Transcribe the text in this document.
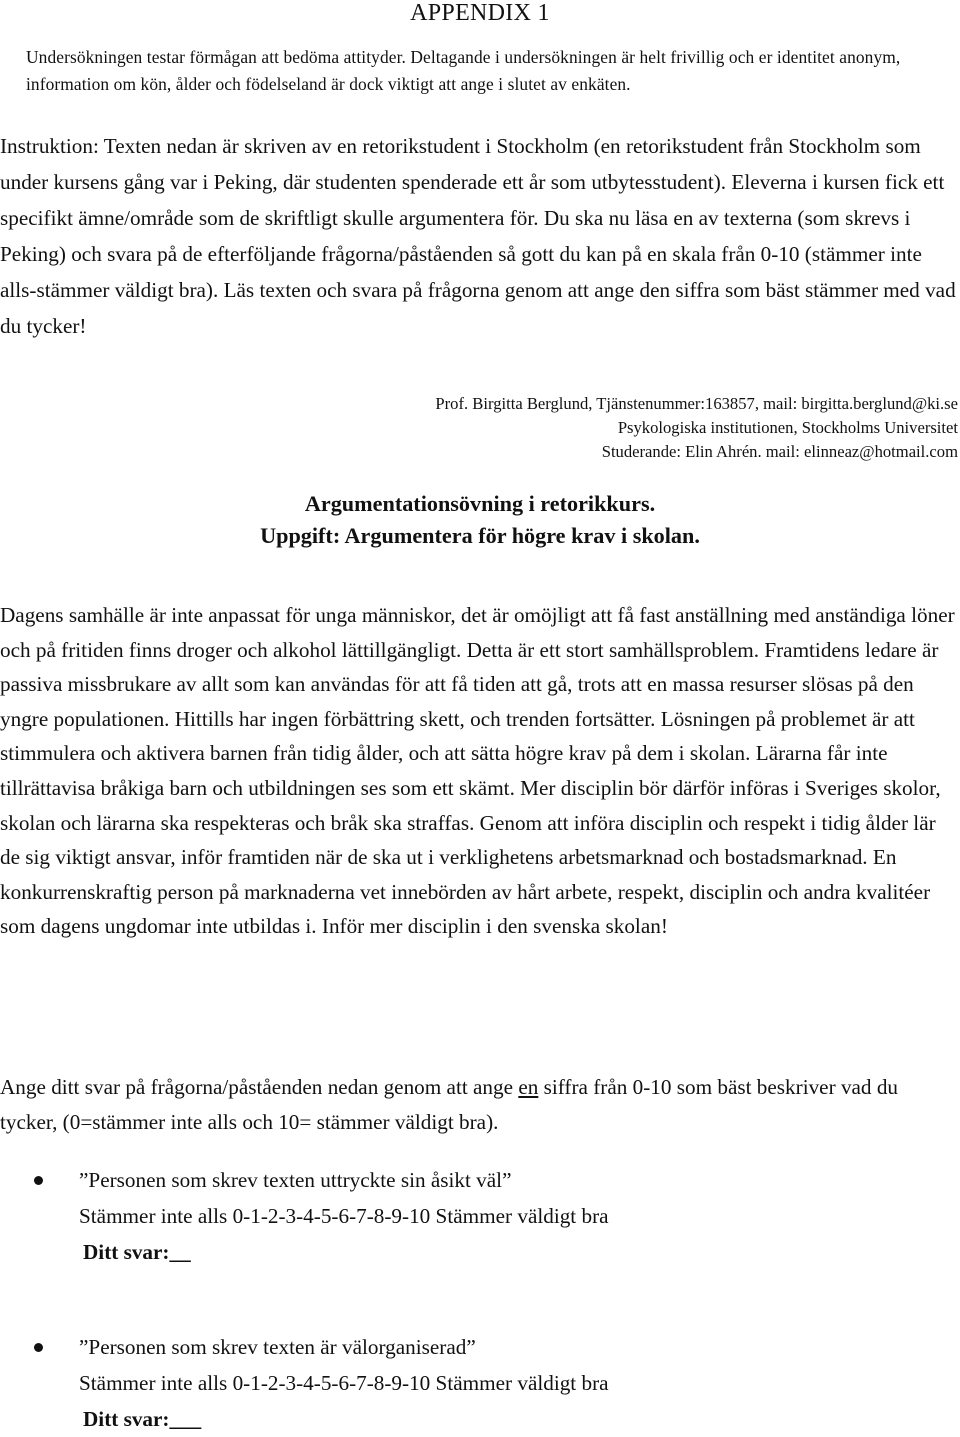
APPENDIX 1

Undersökningen testar förmågan att bedöma attityder. Deltagande i undersökningen är helt frivillig och er identitet anonym, information om kön, ålder och födelseland är dock viktigt att ange i slutet av enkäten.

Instruktion: Texten nedan är skriven av en retorikstudent i Stockholm (en retorikstudent från Stockholm som under kursens gång var i Peking, där studenten spenderade ett år som utbytesstudent). Eleverna i kursen fick ett specifikt ämne/område som de skriftligt skulle argumentera för. Du ska nu läsa en av texterna (som skrevs i Peking) och svara på de efterföljande frågorna/påståenden så gott du kan på en skala från 0-10 (stämmer inte alls-stämmer väldigt bra). Läs texten och svara på frågorna genom att ange den siffra som bäst stämmer med vad du tycker!
Prof. Birgitta Berglund, Tjänstenummer:163857, mail: birgitta.berglund@ki.se
Psykologiska institutionen, Stockholms Universitet
Studerande: Elin Ahrén. mail: elinneaz@hotmail.com
Argumentationsövning i retorikkurs.
Uppgift: Argumentera för högre krav i skolan.
Dagens samhälle är inte anpassat för unga människor, det är omöjligt att få fast anställning med anständiga löner och på fritiden finns droger och alkohol lättillgängligt. Detta är ett stort samhällsproblem. Framtidens ledare är passiva missbrukare av allt som kan användas för att få tiden att gå, trots att en massa resurser slösas på den yngre populationen. Hittills har ingen förbättring skett, och trenden fortsätter. Lösningen på problemet är att stimmulera och aktivera barnen från tidig ålder, och att sätta högre krav på dem i skolan. Lärarna får inte tillrättavisa bråkiga barn och utbildningen ses som ett skämt. Mer disciplin bör därför införas i Sveriges skolor, skolan och lärarna ska respekteras och bråk ska straffas. Genom att införa disciplin och respekt i tidig ålder lär de sig viktigt ansvar, inför framtiden när de ska ut i verklighetens arbetsmarknad och bostadsmarknad. En konkurrenskraftig person på marknaderna vet innebörden av hårt arbete, respekt, disciplin och andra kvalitéer som dagens ungdomar inte utbildas i. Inför mer disciplin i den svenska skolan!
Ange ditt svar på frågorna/påståenden nedan genom att ange en siffra från 0-10 som bäst beskriver vad du tycker, (0=stämmer inte alls och 10= stämmer väldigt bra).
”Personen som skrev texten uttryckte sin åsikt väl”
Stämmer inte alls 0-1-2-3-4-5-6-7-8-9-10 Stämmer väldigt bra
Ditt svar:__
”Personen som skrev texten är välorganiserad”
Stämmer inte alls 0-1-2-3-4-5-6-7-8-9-10 Stämmer väldigt bra
Ditt svar:___
